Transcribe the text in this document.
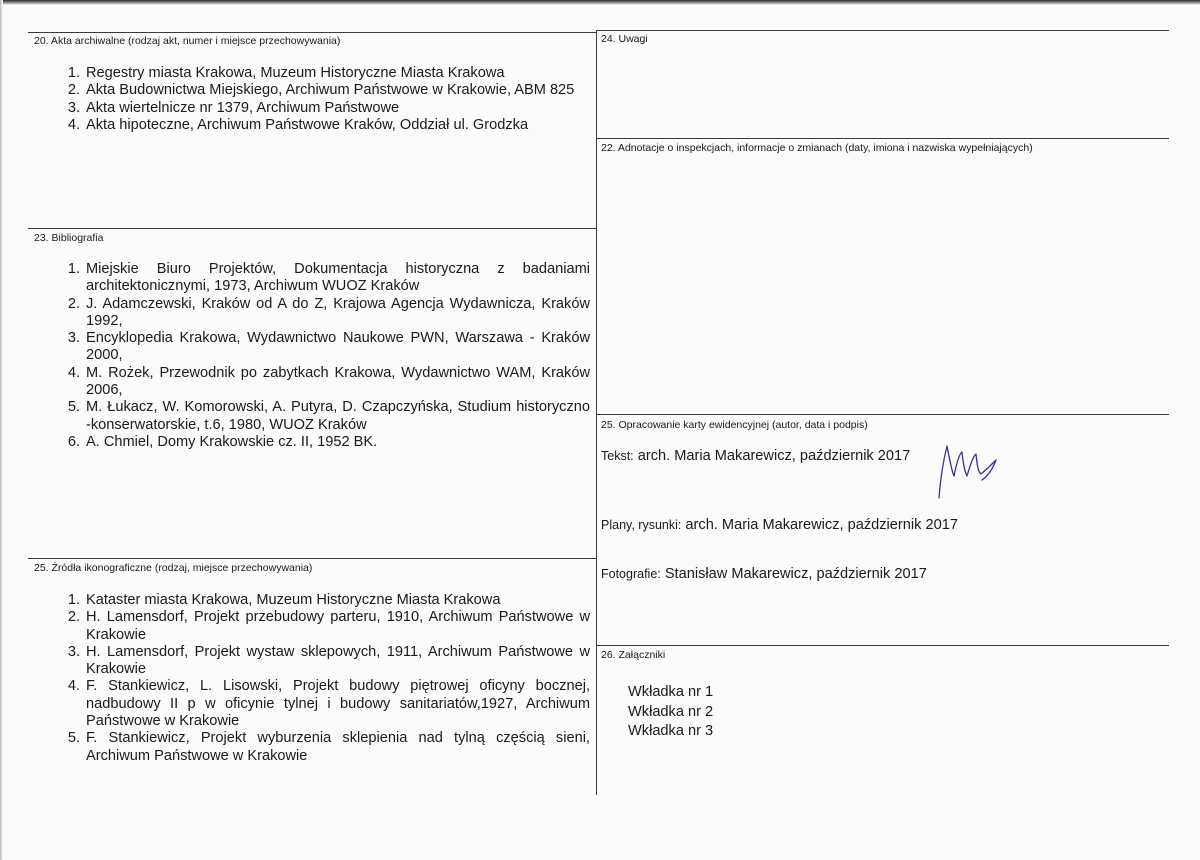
20. Akta archiwalne (rodzaj akt, numer i miejsce przechowywania)
1. Regestry miasta Krakowa, Muzeum Historyczne Miasta Krakowa
2. Akta Budownictwa Miejskiego, Archiwum Państwowe w Krakowie, ABM 825
3. Akta wiertelnicze nr 1379, Archiwum Państwowe
4. Akta hipoteczne, Archiwum Państwowe Kraków, Oddział ul. Grodzka
23. Bibliografia
1. Miejskie Biuro Projektów, Dokumentacja historyczna z badaniami architektonicznymi, 1973, Archiwum WUOZ Kraków
2. J. Adamczewski, Kraków od A do Z, Krajowa Agencja Wydawnicza, Kraków 1992,
3. Encyklopedia Krakowa, Wydawnictwo Naukowe PWN, Warszawa - Kraków 2000,
4. M. Rożek, Przewodnik po zabytkach Krakowa, Wydawnictwo WAM, Kraków 2006,
5. M. Łukacz, W. Komorowski, A. Putyra, D. Czapczyńska, Studium historyczno -konserwatorskie, t.6, 1980, WUOZ Kraków
6. A. Chmiel, Domy Krakowskie cz. II, 1952 BK.
25. Źródła ikonograficzne (rodzaj, miejsce przechowywania)
1. Kataster miasta Krakowa, Muzeum Historyczne Miasta Krakowa
2. H. Lamensdorf, Projekt przebudowy parteru, 1910, Archiwum Państwowe w Krakowie
3. H. Lamensdorf, Projekt wystaw sklepowych, 1911, Archiwum Państwowe w Krakowie
4. F. Stankiewicz, L. Lisowski, Projekt budowy piętrowej oficyny bocznej, nadbudowy II p w oficynie tylnej i budowy sanitariatów,1927, Archiwum Państwowe w Krakowie
5. F. Stankiewicz, Projekt wyburzenia sklepienia nad tylną częścią sieni, Archiwum Państwowe w Krakowie
24. Uwagi
22. Adnotacje o inspekcjach, informacje o zmianach (daty, imiona i nazwiska wypełniających)
25. Opracowanie karty ewidencyjnej (autor, data i podpis)
Tekst: arch. Maria Makarewicz, październik 2017
Plany, rysunki: arch. Maria Makarewicz, październik 2017
Fotografie: Stanisław Makarewicz, październik 2017
26. Załączniki
Wkładka nr 1
Wkładka nr 2
Wkładka nr 3
